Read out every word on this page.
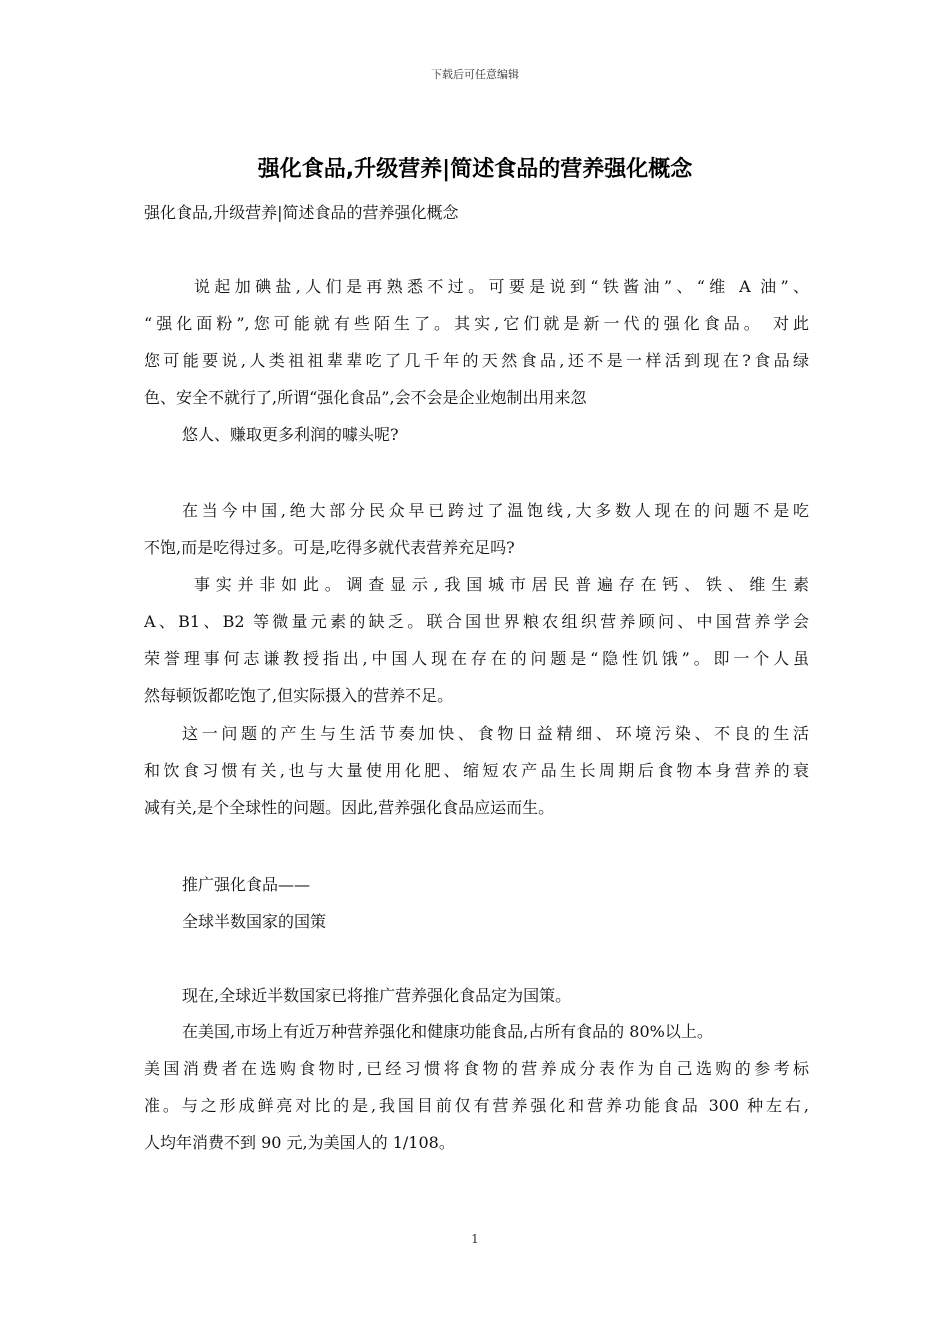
下载后可任意编辑
强化食品,升级营养|简述食品的营养强化概念
强化食品,升级营养|简述食品的营养强化概念
说起加碘盐,人们是再熟悉不过。可要是说到“铁酱油”、“维 A 油”、
“强化面粉”,您可能就有些陌生了。其实,它们就是新一代的强化食品。 对此
您可能要说,人类祖祖辈辈吃了几千年的天然食品,还不是一样活到现在?食品绿
色、安全不就行了,所谓“强化食品”,会不会是企业炮制出用来忽
悠人、赚取更多利润的噱头呢?
在当今中国,绝大部分民众早已跨过了温饱线,大多数人现在的问题不是吃
不饱,而是吃得过多。可是,吃得多就代表营养充足吗?
事实并非如此。调查显示,我国城市居民普遍存在钙、铁、维生素
A、B1、B2 等微量元素的缺乏。联合国世界粮农组织营养顾问、中国营养学会
荣誉理事何志谦教授指出,中国人现在存在的问题是“隐性饥饿”。即一个人虽
然每顿饭都吃饱了,但实际摄入的营养不足。
这一问题的产生与生活节奏加快、食物日益精细、环境污染、不良的生活
和饮食习惯有关,也与大量使用化肥、缩短农产品生长周期后食物本身营养的衰
减有关,是个全球性的问题。因此,营养强化食品应运而生。
推广强化食品——
全球半数国家的国策
现在,全球近半数国家已将推广营养强化食品定为国策。
在美国,市场上有近万种营养强化和健康功能食品,占所有食品的 80%以上。
美国消费者在选购食物时,已经习惯将食物的营养成分表作为自己选购的参考标
准。与之形成鲜亮对比的是,我国目前仅有营养强化和营养功能食品 300 种左右,
人均年消费不到 90 元,为美国人的 1/108。
1
